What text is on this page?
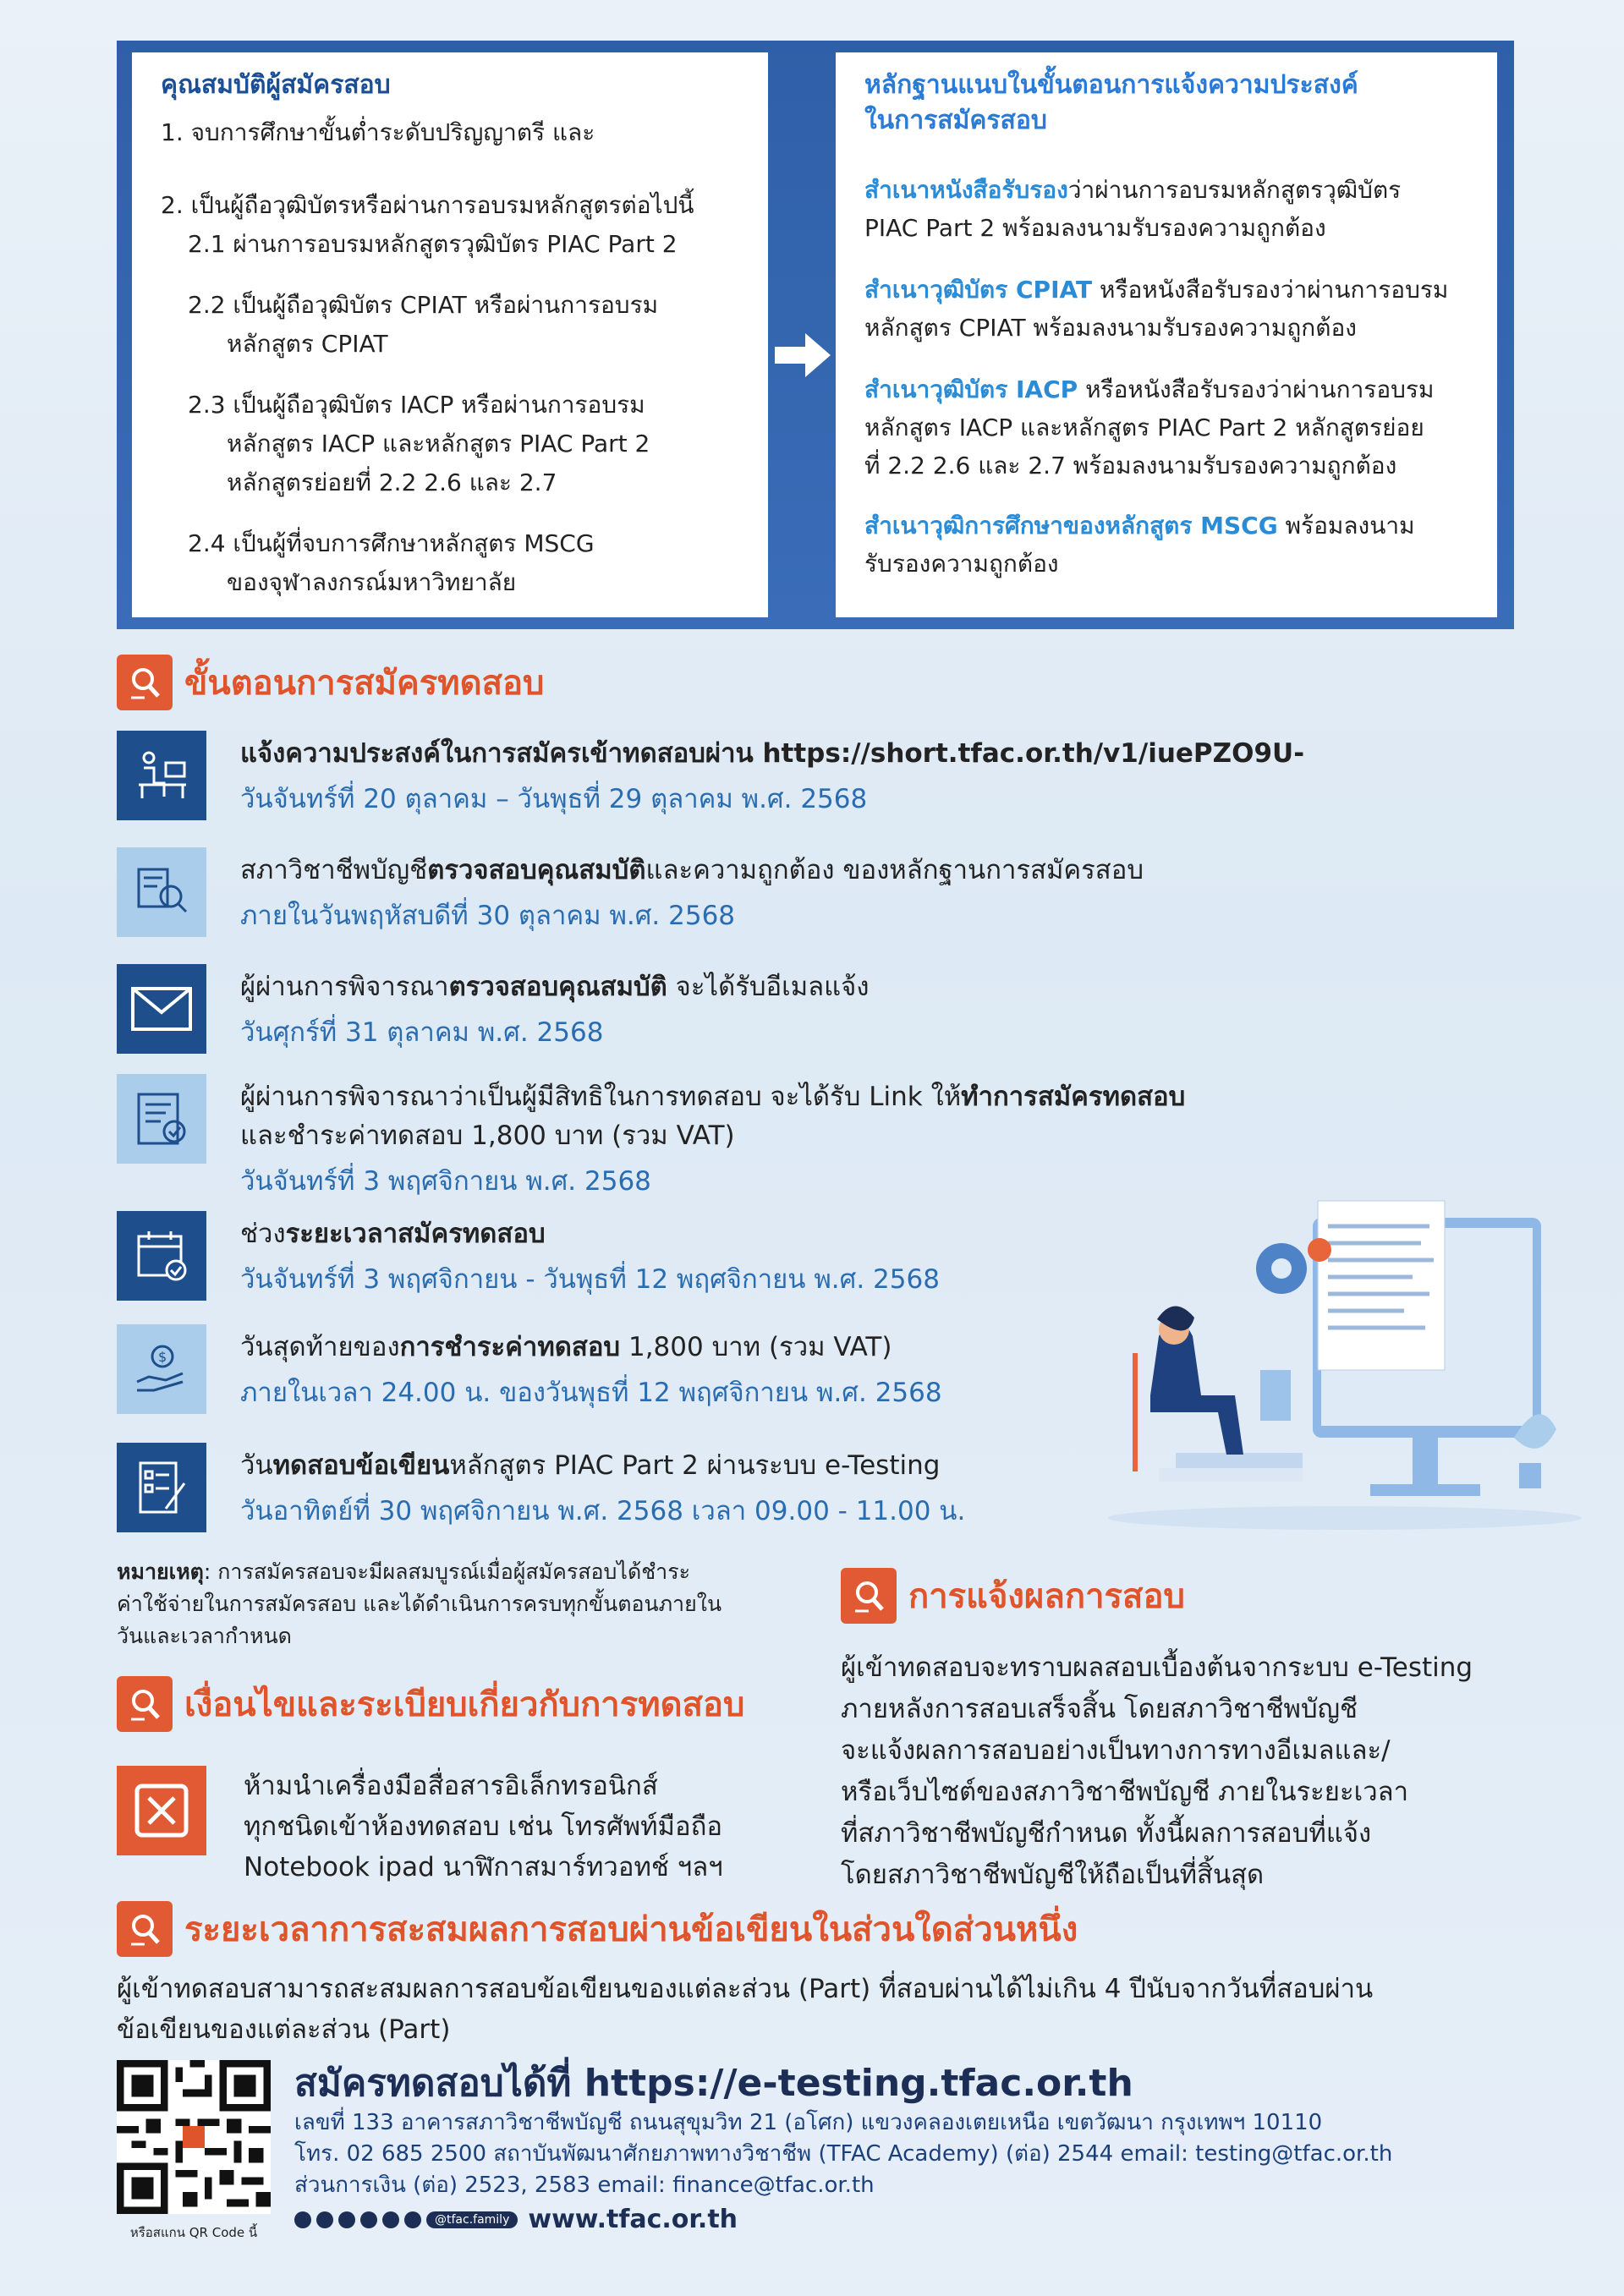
คุณสมบัติผู้สมัครสอบ
1. จบการศึกษาขั้นต่ำระดับปริญญาตรี และ
2. เป็นผู้ถือวุฒิบัตรหรือผ่านการอบรมหลักสูตรต่อไปนี้
2.1 ผ่านการอบรมหลักสูตรวุฒิบัตร PIAC Part 2
2.2 เป็นผู้ถือวุฒิบัตร CPIAT หรือผ่านการอบรม
หลักสูตร CPIAT
2.3 เป็นผู้ถือวุฒิบัตร IACP หรือผ่านการอบรม
หลักสูตร IACP และหลักสูตร PIAC Part 2
หลักสูตรย่อยที่ 2.2 2.6 และ 2.7
2.4 เป็นผู้ที่จบการศึกษาหลักสูตร MSCG
ของจุฬาลงกรณ์มหาวิทยาลัย
หลักฐานแนบในขั้นตอนการแจ้งความประสงค์
ในการสมัครสอบ
สำเนาหนังสือรับรองว่าผ่านการอบรมหลักสูตรวุฒิบัตร
PIAC Part 2 พร้อมลงนามรับรองความถูกต้อง
สำเนาวุฒิบัตร CPIAT หรือหนังสือรับรองว่าผ่านการอบรม
หลักสูตร CPIAT พร้อมลงนามรับรองความถูกต้อง
สำเนาวุฒิบัตร IACP หรือหนังสือรับรองว่าผ่านการอบรม
หลักสูตร IACP และหลักสูตร PIAC Part 2 หลักสูตรย่อย
ที่ 2.2 2.6 และ 2.7 พร้อมลงนามรับรองความถูกต้อง
สำเนาวุฒิการศึกษาของหลักสูตร MSCG พร้อมลงนาม
รับรองความถูกต้อง
ขั้นตอนการสมัครทดสอบ
แจ้งความประสงค์ในการสมัครเข้าทดสอบผ่าน https://short.tfac.or.th/v1/iuePZO9U-
วันจันทร์ที่ 20 ตุลาคม – วันพุธที่ 29 ตุลาคม พ.ศ. 2568
สภาวิชาชีพบัญชีตรวจสอบคุณสมบัติและความถูกต้อง ของหลักฐานการสมัครสอบ
ภายในวันพฤหัสบดีที่ 30 ตุลาคม พ.ศ. 2568
ผู้ผ่านการพิจารณาตรวจสอบคุณสมบัติ จะได้รับอีเมลแจ้ง
วันศุกร์ที่ 31 ตุลาคม พ.ศ. 2568
ผู้ผ่านการพิจารณาว่าเป็นผู้มีสิทธิในการทดสอบ จะได้รับ Link ให้ทำการสมัครทดสอบ
และชำระค่าทดสอบ 1,800 บาท (รวม VAT)
วันจันทร์ที่ 3 พฤศจิกายน พ.ศ. 2568
ช่วงระยะเวลาสมัครทดสอบ
วันจันทร์ที่ 3 พฤศจิกายน - วันพุธที่ 12 พฤศจิกายน พ.ศ. 2568
$	วันสุดท้ายของการชำระค่าทดสอบ 1,800 บาท (รวม VAT)
ภายในเวลา 24.00 น. ของวันพุธที่ 12 พฤศจิกายน พ.ศ. 2568
วันทดสอบข้อเขียนหลักสูตร PIAC Part 2 ผ่านระบบ e-Testing
วันอาทิตย์ที่ 30 พฤศจิกายน พ.ศ. 2568 เวลา 09.00 - 11.00 น.
หมายเหตุ: การสมัครสอบจะมีผลสมบูรณ์เมื่อผู้สมัครสอบได้ชำระ
ค่าใช้จ่ายในการสมัครสอบ และได้ดำเนินการครบทุกขั้นตอนภายใน
วันและเวลากำหนด
เงื่อนไขและระเบียบเกี่ยวกับการทดสอบ
ห้ามนำเครื่องมือสื่อสารอิเล็กทรอนิกส์
ทุกชนิดเข้าห้องทดสอบ เช่น โทรศัพท์มือถือ
Notebook ipad นาฬิกาสมาร์ทวอทช์ ฯลฯ
การแจ้งผลการสอบ
ผู้เข้าทดสอบจะทราบผลสอบเบื้องต้นจากระบบ e-Testing
ภายหลังการสอบเสร็จสิ้น โดยสภาวิชาชีพบัญชี
จะแจ้งผลการสอบอย่างเป็นทางการทางอีเมลและ/
หรือเว็บไซต์ของสภาวิชาชีพบัญชี ภายในระยะเวลา
ที่สภาวิชาชีพบัญชีกำหนด ทั้งนี้ผลการสอบที่แจ้ง
โดยสภาวิชาชีพบัญชีให้ถือเป็นที่สิ้นสุด
ระยะเวลาการสะสมผลการสอบผ่านข้อเขียนในส่วนใดส่วนหนึ่ง
ผู้เข้าทดสอบสามารถสะสมผลการสอบข้อเขียนของแต่ละส่วน (Part) ที่สอบผ่านได้ไม่เกิน 4 ปีนับจากวันที่สอบผ่าน
ข้อเขียนของแต่ละส่วน (Part)
หรือสแกน QR Code นี้
สมัครทดสอบได้ที่ https://e-testing.tfac.or.th
เลขที่ 133 อาคารสภาวิชาชีพบัญชี ถนนสุขุมวิท 21 (อโศก) แขวงคลองเตยเหนือ เขตวัฒนา กรุงเทพฯ 10110
โทร. 02 685 2500 สถาบันพัฒนาศักยภาพทางวิชาชีพ (TFAC Academy) (ต่อ) 2544 email: testing@tfac.or.th
ส่วนการเงิน (ต่อ) 2523, 2583 email: finance@tfac.or.th
@tfac.family www.tfac.or.th
